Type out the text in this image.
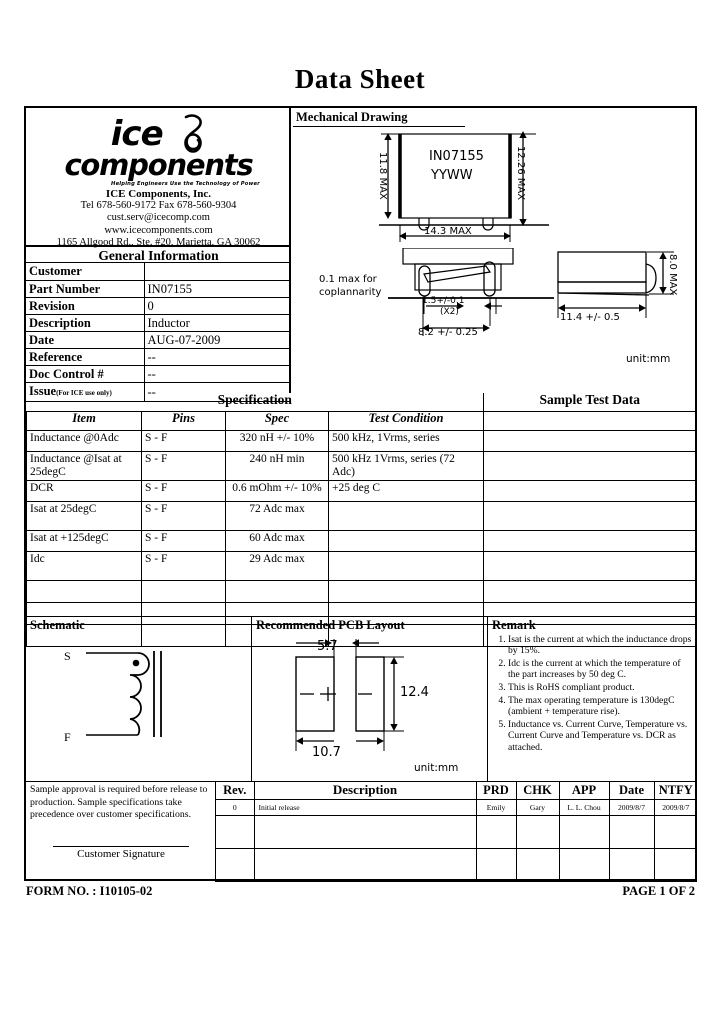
Data Sheet
ice
components
Helping Engineers Use the Technology of Power
ICE Components, Inc.
Tel 678-560-9172 Fax 678-560-9304
cust.serv@icecomp.com
www.icecomponents.com
1165 Allgood Rd., Ste. #20, Marietta, GA 30062
General Information
Customer	
Part Number	IN07155
Revision	0
Description	Inductor
Date	AUG-07-2009
Reference	--
Doc Control #	--
Issue(For ICE use only)	--
Mechanical Drawing
11.8 MAX	12.26 MAX
14.3 MAX
IN07155
YYWW
0.1 max for
coplannarity
1.5+/-0.1
(X2)
8.2 +/- 0.25
11.4 +/- 0.5
8.0 MAX
unit:mm
Specification				Sample Test Data
Item	Pins	Spec	Test Condition	
Inductance @0Adc	S - F	320 nH +/- 10%	500 kHz, 1Vrms, series	
Inductance @Isat at 25degC	S - F	240 nH min	500 kHz 1Vrms, series (72 Adc)	
DCR	S - F	0.6 mOhm +/- 10%	+25 deg C	
Isat at 25degC	S - F	72 Adc max		
Isat at +125degC	S - F	60 Adc max		
Idc	S - F	29 Adc max		

Schematic
S
F
Recommended PCB Layout
5.7
12.4
10.7
unit:mm
Remark
1. Isat is the current at which the inductance drops by 15%.
2. Idc is the current at which the temperature of the part increases by 50 deg C.
3. This is RoHS compliant product.
4. The max operating temperature is 130degC (ambient + temperature rise).
5. Inductance vs. Current Curve, Temperature vs. Current Curve and Temperature vs. DCR as attached.
Sample approval is required before release to production. Sample specifications take precedence over customer specifications.
Customer Signature
Rev.	Description	PRD	CHK	APP	Date	NTFY
0	Initial release	Emily	Gary	L. L. Chou	2009/8/7	2009/8/7

FORM NO. : I10105-02	PAGE 1 OF 2
